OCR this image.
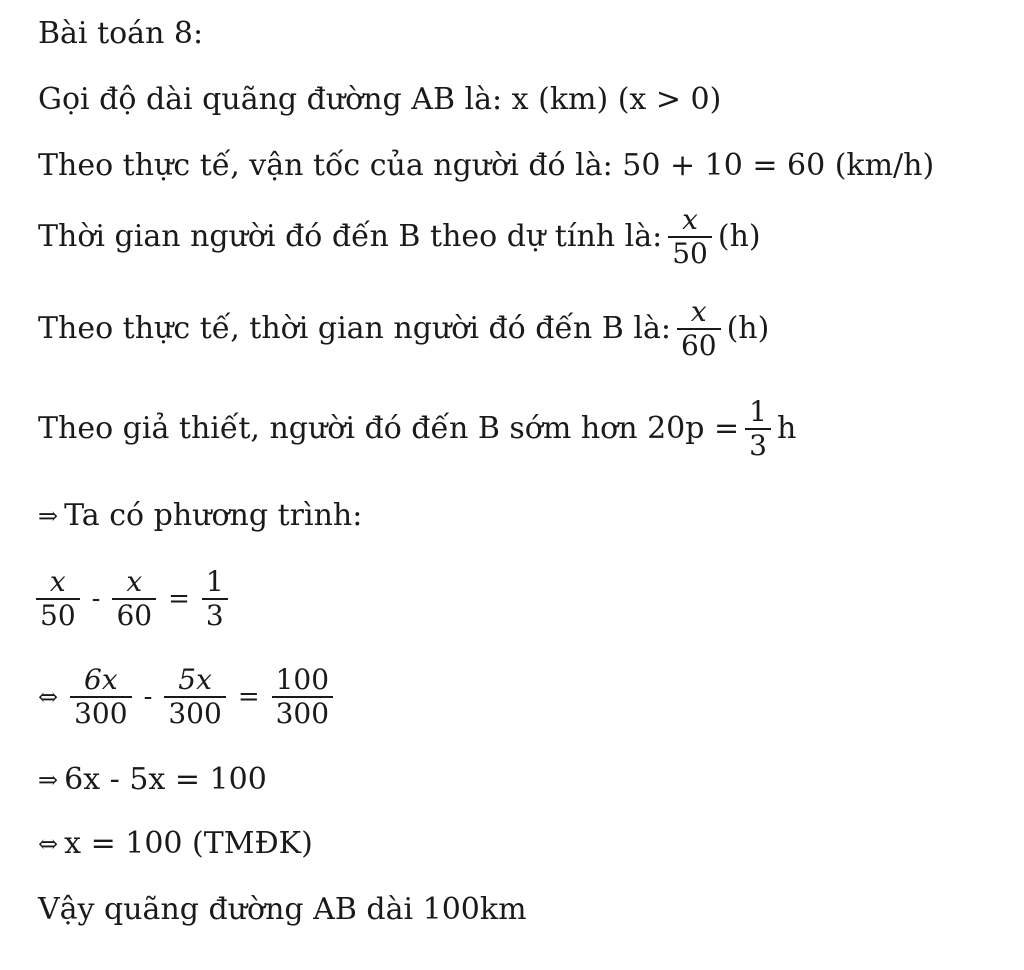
Bài toán 8:
Gọi độ dài quãng đường AB là: x (km) (x > 0)
Theo thực tế, vận tốc của người đó là: 50 + 10 = 60 (km/h)
Thời gian người đó đến B theo dự tính là: $\frac{x}{50} (h)$
Theo thực tế, thời gian người đó đến B là: $\frac{x}{60} (h)$
Theo giả thiết, người đó đến B sớm hơn $20p = \frac{1}{3}$ h
⇒ Ta có phương trình:
$\frac{x}{50} - \frac{x}{60} = \frac{1}{3}$
⇔ $\frac{6x}{300} - \frac{5x}{300} = \frac{100}{300}$
⇒ 6x - 5x = 100
⇔ x = 100 (TMĐK)
Vậy quãng đường AB dài 100km
